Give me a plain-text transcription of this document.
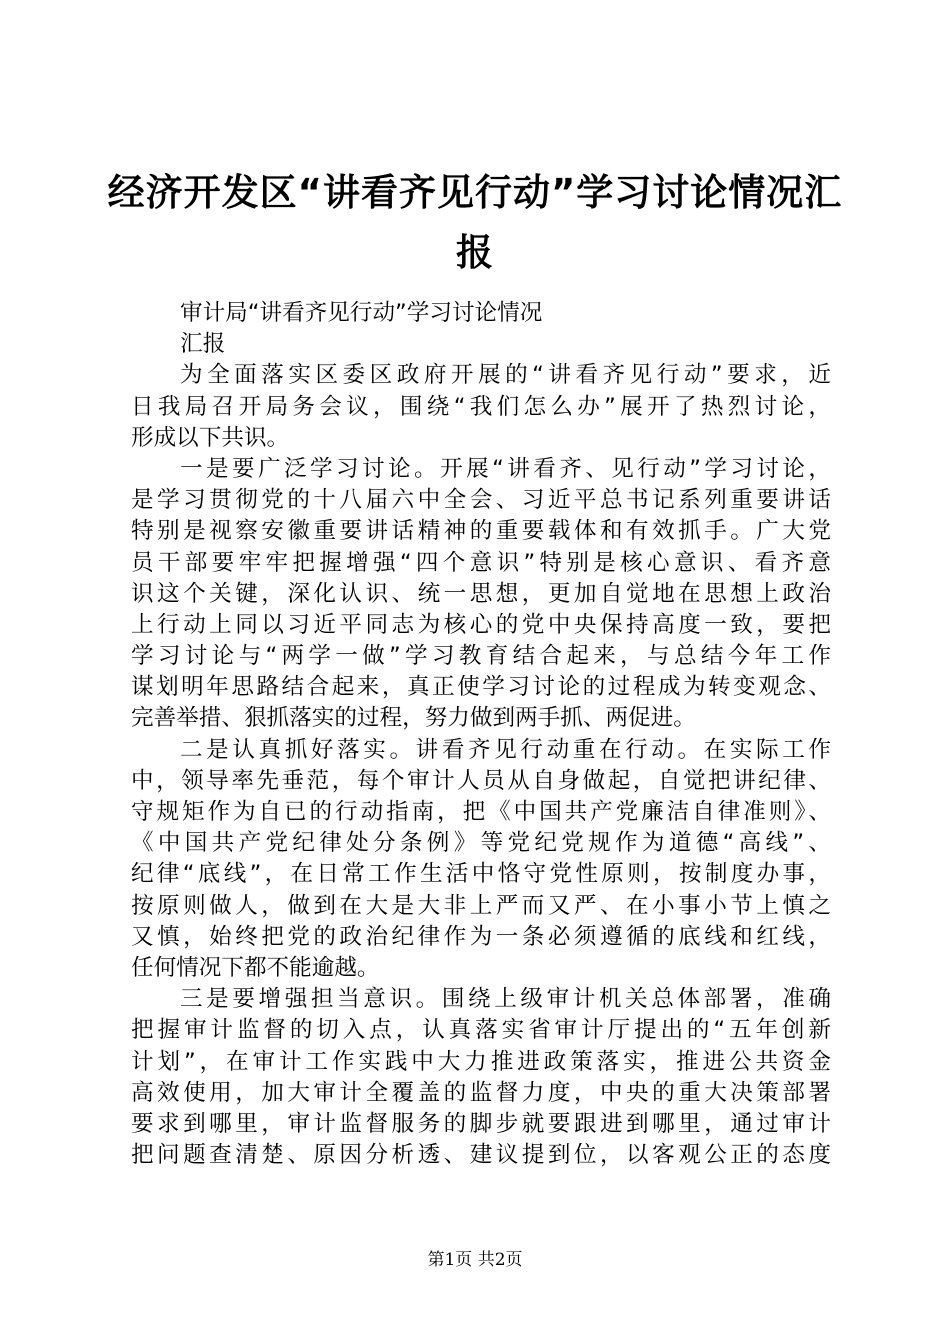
经济开发区“讲看齐见行动”学习讨论情况汇
报
审计局“讲看齐见行动”学习讨论情况
汇报
为全面落实区委区政府开展的“讲看齐见行动”要求，近
日我局召开局务会议，围绕“我们怎么办”展开了热烈讨论，
形成以下共识。
一是要广泛学习讨论。开展“讲看齐、见行动”学习讨论，
是学习贯彻党的十八届六中全会、习近平总书记系列重要讲话
特别是视察安徽重要讲话精神的重要载体和有效抓手。广大党
员干部要牢牢把握增强“四个意识”特别是核心意识、看齐意
识这个关键，深化认识、统一思想，更加自觉地在思想上政治
上行动上同以习近平同志为核心的党中央保持高度一致，要把
学习讨论与“两学一做”学习教育结合起来，与总结今年工作
谋划明年思路结合起来，真正使学习讨论的过程成为转变观念、
完善举措、狠抓落实的过程，努力做到两手抓、两促进。
二是认真抓好落实。讲看齐见行动重在行动。在实际工作
中，领导率先垂范，每个审计人员从自身做起，自觉把讲纪律、
守规矩作为自已的行动指南，把《中国共产党廉洁自律准则》、
《中国共产党纪律处分条例》等党纪党规作为道德“高线”、
纪律“底线”，在日常工作生活中恪守党性原则，按制度办事，
按原则做人，做到在大是大非上严而又严、在小事小节上慎之
又慎，始终把党的政治纪律作为一条必须遵循的底线和红线，
任何情况下都不能逾越。
三是要增强担当意识。围绕上级审计机关总体部署，准确
把握审计监督的切入点，认真落实省审计厅提出的“五年创新
计划”，在审计工作实践中大力推进政策落实，推进公共资金
高效使用，加大审计全覆盖的监督力度，中央的重大决策部署
要求到哪里，审计监督服务的脚步就要跟进到哪里，通过审计
把问题查清楚、原因分析透、建议提到位，以客观公正的态度
第1页 共2页
